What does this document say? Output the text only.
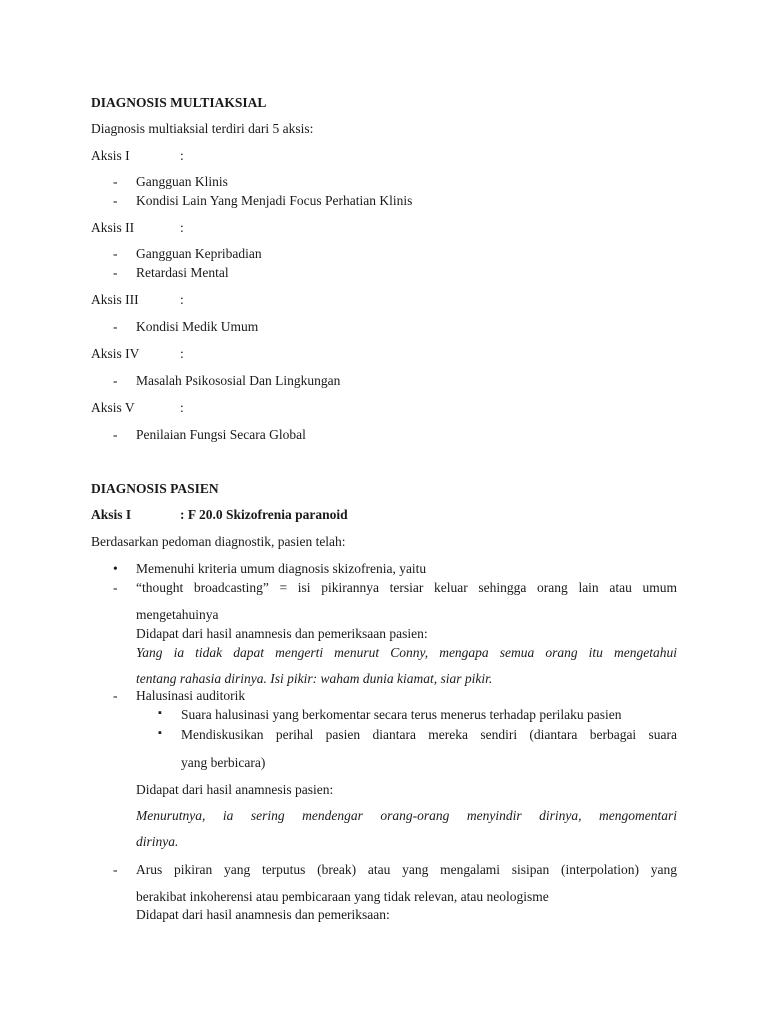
DIAGNOSIS MULTIAKSIAL
Diagnosis multiaksial terdiri dari 5 aksis:
Aksis I	:
- Gangguan Klinis
- Kondisi Lain Yang Menjadi Focus Perhatian Klinis
Aksis II	:
- Gangguan Kepribadian
- Retardasi Mental
Aksis III	:
- Kondisi Medik Umum
Aksis IV	:
- Masalah Psikososial Dan Lingkungan
Aksis V	:
- Penilaian Fungsi Secara Global
DIAGNOSIS PASIEN
Aksis I	: F 20.0 Skizofrenia paranoid
Berdasarkan pedoman diagnostik, pasien telah:
• Memenuhi kriteria umum diagnosis skizofrenia, yaitu
- “thought broadcasting” = isi pikirannya tersiar keluar sehingga orang lain atau umum
mengetahuinya
Didapat dari hasil anamnesis dan pemeriksaan pasien:
Yang ia tidak dapat mengerti menurut Conny, mengapa semua orang itu mengetahui
tentang rahasia dirinya. Isi pikir: waham dunia kiamat, siar pikir.
- Halusinasi auditorik
▪ Suara halusinasi yang berkomentar secara terus menerus terhadap perilaku pasien
▪ Mendiskusikan perihal pasien diantara mereka sendiri (diantara berbagai suara
yang berbicara)
Didapat dari hasil anamnesis pasien:
Menurutnya, ia sering mendengar orang-orang menyindir dirinya, mengomentari
dirinya.
- Arus pikiran yang terputus (break) atau yang mengalami sisipan (interpolation) yang
berakibat inkoherensi atau pembicaraan yang tidak relevan, atau neologisme
Didapat dari hasil anamnesis dan pemeriksaan:
